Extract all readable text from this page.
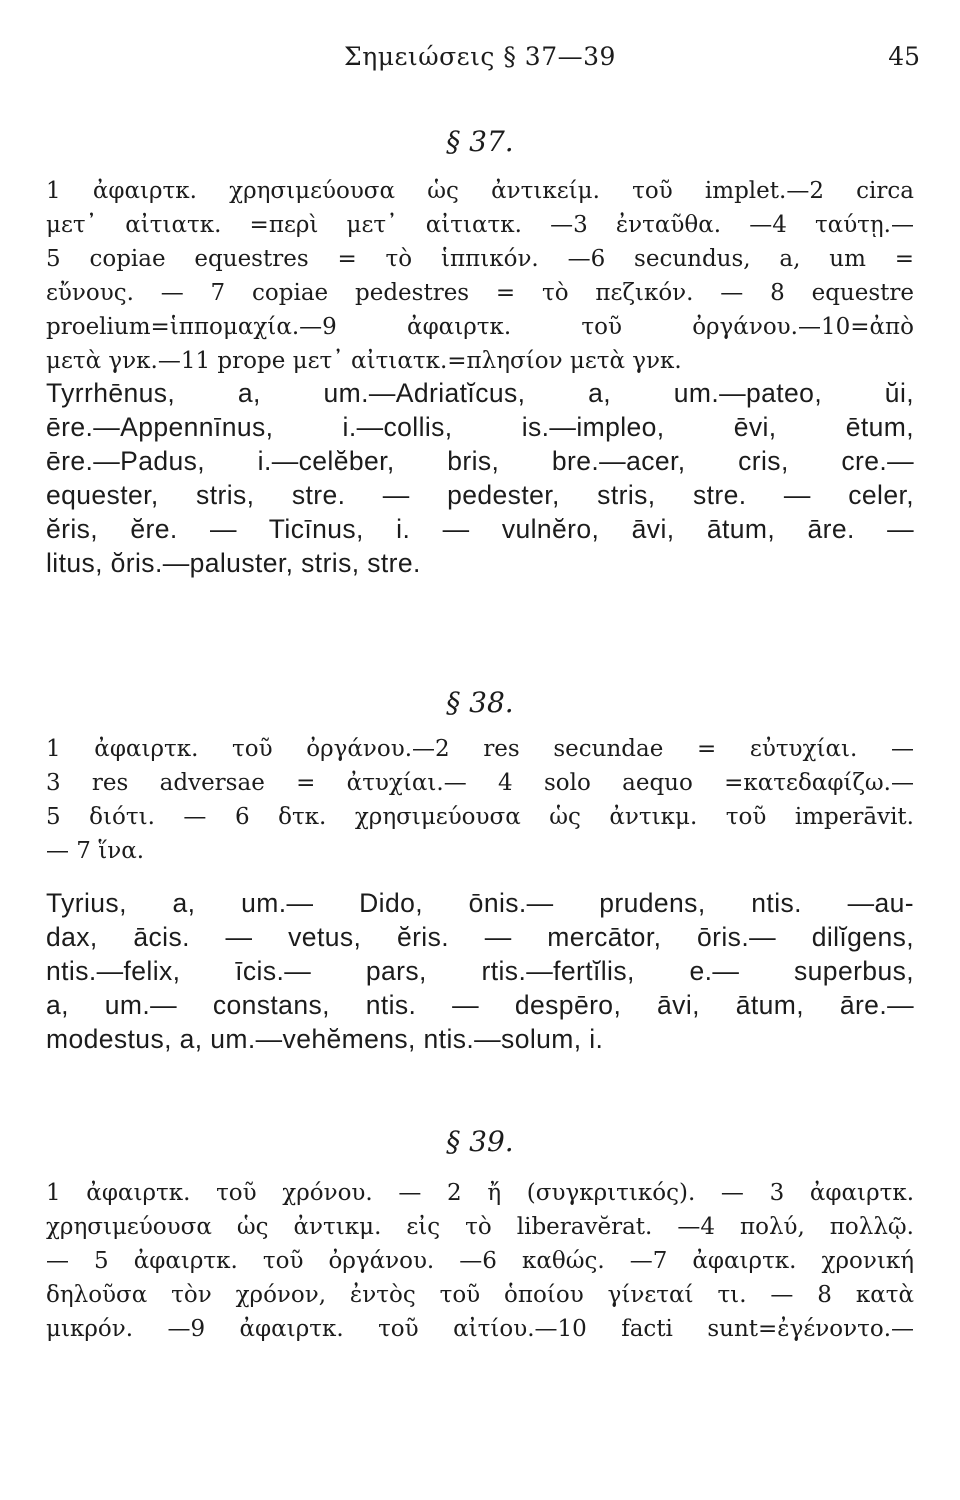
Σημειώσεις § 37—39	45
§ 37.
1 ἀφαιρτκ. χρησιμεύουσα ὡς ἀντικείμ. τοῦ implet.—2 circa
μετ᾽ αἰτιατκ. =περὶ μετ᾽ αἰτιατκ. —3 ἐνταῦθα. —4 ταύτῃ.—
5 copiae equestres = τὸ ἱππικόν. —6 secundus, a, um =
εὔνους. — 7 copiae pedestres = τὸ πεζικόν. — 8 equestre
proelium=ἱππομαχία.—9 ἀφαιρτκ. τοῦ ὀργάνου.—10=ἀπὸ
μετὰ γνκ.—11 prope μετ᾽ αἰτιατκ.=πλησίον μετὰ γνκ.
Tyrrhēnus, a, um.—Adriatĭcus, a, um.—pateo, ŭi,
ēre.—Appennīnus, i.—collis, is.—impleo, ēvi, ētum,
ēre.—Padus, i.—celĕber, bris, bre.—acer, cris, cre.—
equester, stris, stre. — pedester, stris, stre. — celer,
ĕris, ĕre. — Ticīnus, i. — vulnĕro, āvi, ātum, āre. —
litus, ŏris.—paluster, stris, stre.
§ 38.
1 ἀφαιρτκ. τοῦ ὀργάνου.—2 res secundae = εὐτυχίαι. —
3 res adversae = ἀτυχίαι.— 4 solo aequo =κατεδαφίζω.—
5 διότι. — 6 δτκ. χρησιμεύουσα ὡς ἀντικμ. τοῦ imperāvit.
— 7 ἵνα.
Tyrius, a, um.— Dido, ōnis.— prudens, ntis. —au-
dax, ācis. — vetus, ĕris. — mercātor, ōris.— dilĭgens,
ntis.—felix, īcis.— pars, rtis.—fertĭlis, e.— superbus,
a, um.— constans, ntis. — despēro, āvi, ātum, āre.—
modestus, a, um.—vehĕmens, ntis.—solum, i.
§ 39.
1 ἀφαιρτκ. τοῦ χρόνου. — 2 ἤ (συγκριτικός). — 3 ἀφαιρτκ.
χρησιμεύουσα ὡς ἀντικμ. εἰς τὸ liberavĕrat. —4 πολύ, πολλῷ.
— 5 ἀφαιρτκ. τοῦ ὀργάνου. —6 καθώς. —7 ἀφαιρτκ. χρονική
δηλοῦσα τὸν χρόνον, ἐντὸς τοῦ ὁποίου γίνεταί τι. — 8 κατὰ
μικρόν. —9 ἀφαιρτκ. τοῦ αἰτίου.—10 facti sunt=ἐγένοντο.—
